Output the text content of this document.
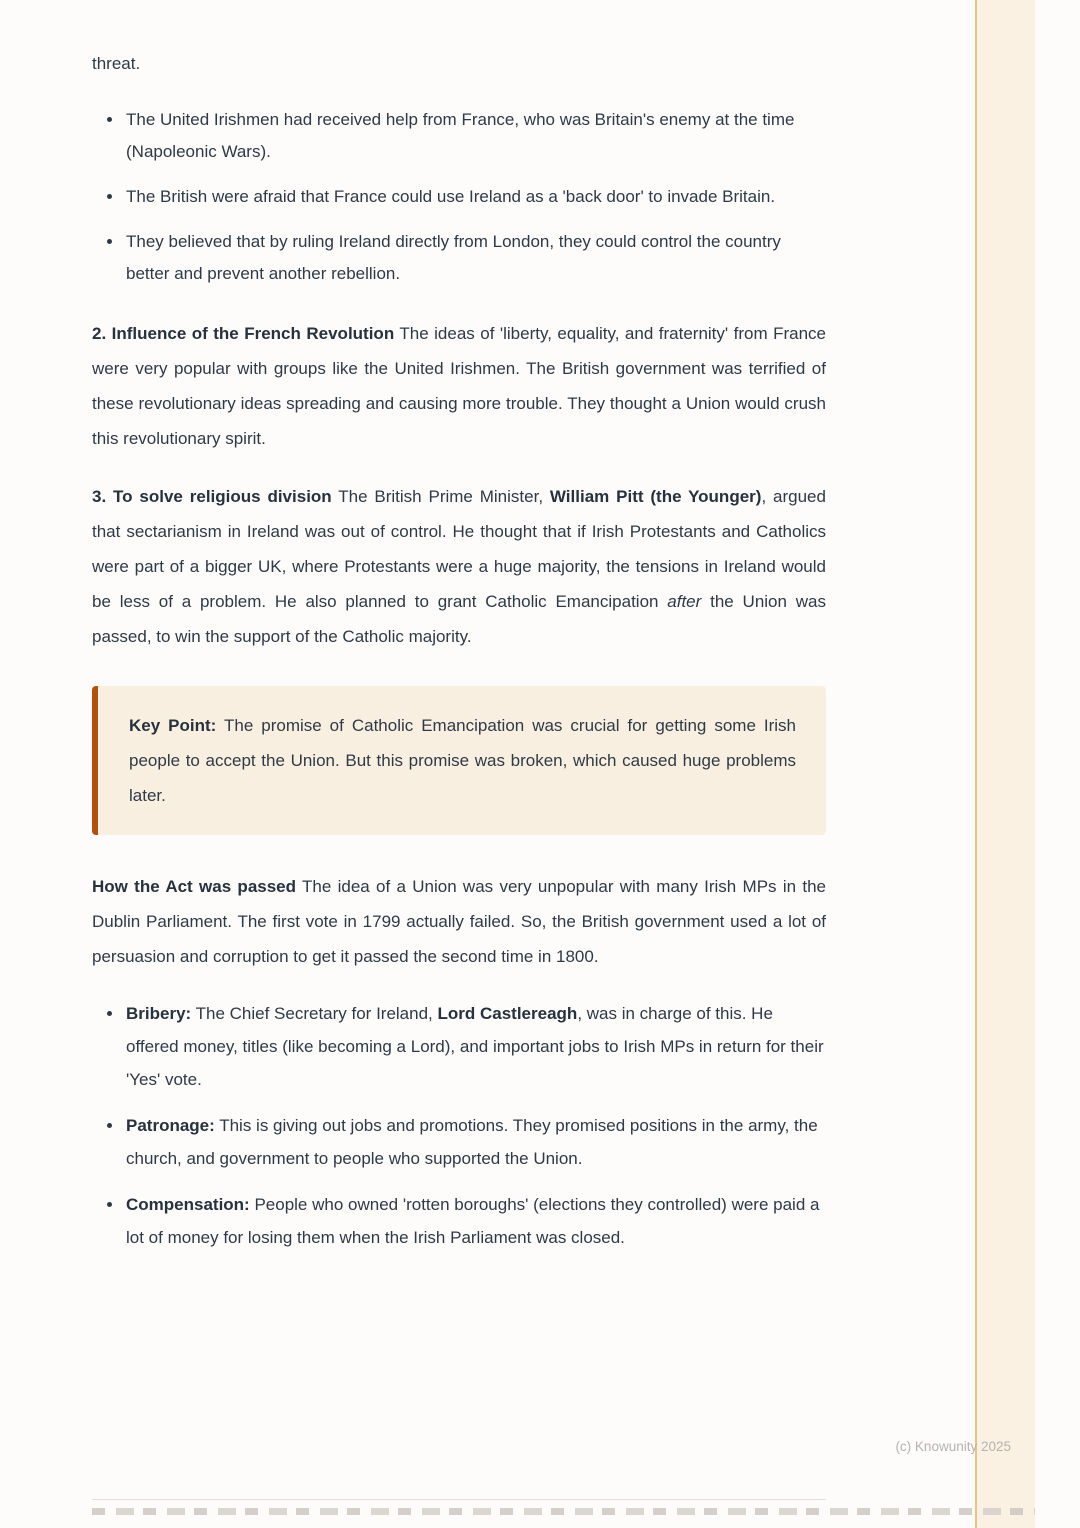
threat.

• The United Irishmen had received help from France, who was Britain's enemy at the time (Napoleonic Wars).
• The British were afraid that France could use Ireland as a 'back door' to invade Britain.
• They believed that by ruling Ireland directly from London, they could control the country better and prevent another rebellion.

2. Influence of the French Revolution The ideas of 'liberty, equality, and fraternity' from France were very popular with groups like the United Irishmen. The British government was terrified of these revolutionary ideas spreading and causing more trouble. They thought a Union would crush this revolutionary spirit.

3. To solve religious division The British Prime Minister, William Pitt (the Younger), argued that sectarianism in Ireland was out of control. He thought that if Irish Protestants and Catholics were part of a bigger UK, where Protestants were a huge majority, the tensions in Ireland would be less of a problem. He also planned to grant Catholic Emancipation after the Union was passed, to win the support of the Catholic majority.

Key Point: The promise of Catholic Emancipation was crucial for getting some Irish people to accept the Union. But this promise was broken, which caused huge problems later.

How the Act was passed The idea of a Union was very unpopular with many Irish MPs in the Dublin Parliament. The first vote in 1799 actually failed. So, the British government used a lot of persuasion and corruption to get it passed the second time in 1800.

• Bribery: The Chief Secretary for Ireland, Lord Castlereagh, was in charge of this. He offered money, titles (like becoming a Lord), and important jobs to Irish MPs in return for their 'Yes' vote.
• Patronage: This is giving out jobs and promotions. They promised positions in the army, the church, and government to people who supported the Union.
• Compensation: People who owned 'rotten boroughs' (elections they controlled) were paid a lot of money for losing them when the Irish Parliament was closed.
(c) Knowunity 2025
